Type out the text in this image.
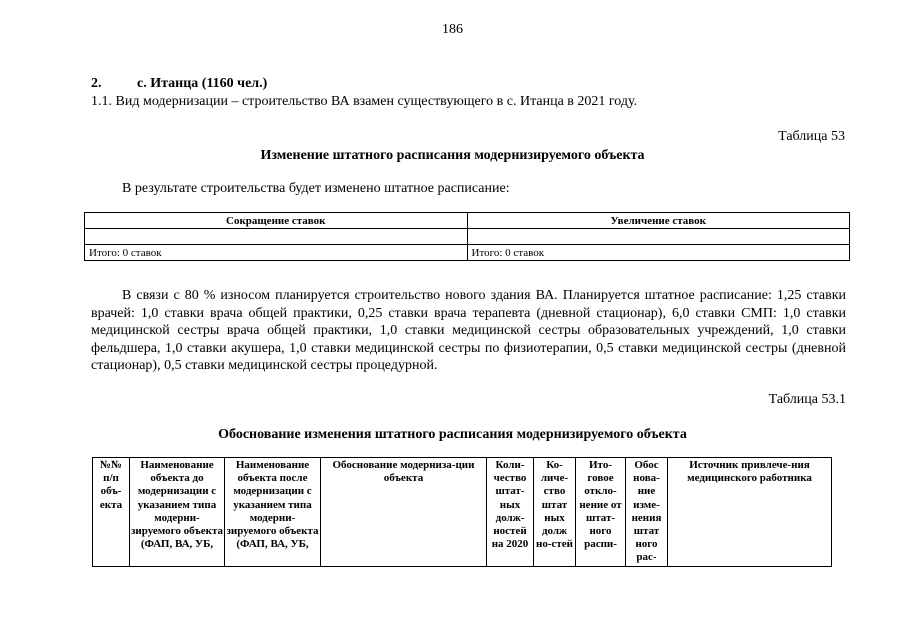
186
2.	с. Итанца (1160 чел.)
1.1. Вид модернизации – строительство ВА взамен существующего в с. Итанца в 2021 году.
Таблица 53
Изменение штатного расписания модернизируемого объекта
В результате строительства будет изменено штатное расписание:
Сокращение ставок	Увеличение ставок

Итого: 0 ставок	Итого: 0 ставок
В связи с 80 % износом планируется строительство нового здания ВА. Планируется штатное расписание: 1,25 ставки врачей: 1,0 ставки врача общей практики, 0,25 ставки врача терапевта (дневной стационар), 6,0 ставки СМП: 1,0 ставки медицинской сестры врача общей практики, 1,0 ставки медицинской сестры образовательных учреждений, 1,0 ставки фельдшера, 1,0 ставки акушера, 1,0 ставки медицинской сестры по физиотерапии, 0,5 ставки медицинской сестры (дневной стационар), 0,5 ставки медицинской сестры процедурной.
Таблица 53.1
Обоснование изменения штатного расписания модернизируемого объекта
№№ п/п объ-екта	Наименование объекта до модернизации с указанием типа модерни-зируемого объекта (ФАП, ВА, УБ,	Наименование объекта после модернизации с указанием типа модерни-зируемого объекта (ФАП, ВА, УБ,	Обоснование модерниза-ции объекта	Коли-чество штат-ных долж-ностей на 2020	Ко-личе-ство штат ных долж но-стей	Ито-говое откло-нение от штат-ного распи-	Обос нова-ние изме-нения штат ного рас-	Источник привлече-ния медицинского работника
